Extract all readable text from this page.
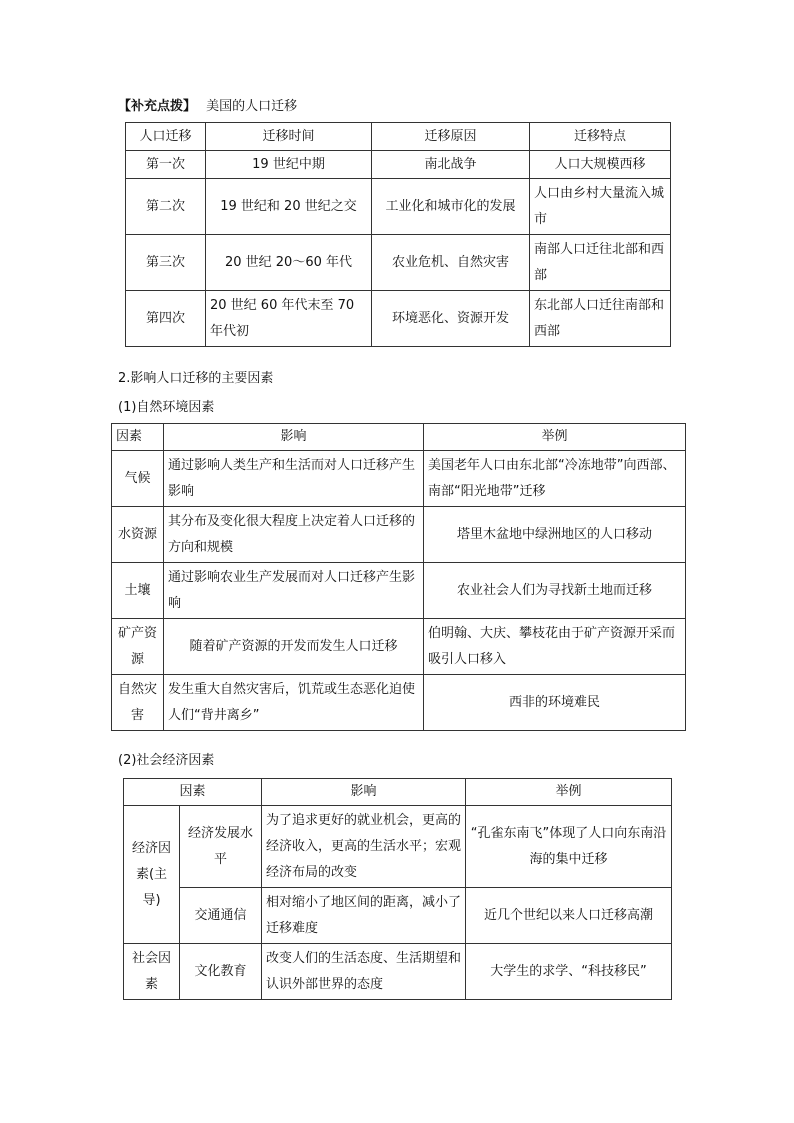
【补充点拨】 美国的人口迁移
人口迁移	迁移时间	迁移原因	迁移特点
第一次	19 世纪中期	南北战争	人口大规模西移
第二次	19 世纪和 20 世纪之交	工业化和城市化的发展	人口由乡村大量流入城市
第三次	20 世纪 20～60 年代	农业危机、自然灾害	南部人口迁往北部和西部
第四次	20 世纪 60 年代末至 70 年代初	环境恶化、资源开发	东北部人口迁往南部和西部
2.影响人口迁移的主要因素
(1)自然环境因素
因素	影响	举例
气候	通过影响人类生产和生活而对人口迁移产生影响	美国老年人口由东北部“冷冻地带”向西部、南部“阳光地带”迁移
水资源	其分布及变化很大程度上决定着人口迁移的方向和规模	塔里木盆地中绿洲地区的人口移动
土壤	通过影响农业生产发展而对人口迁移产生影响	农业社会人们为寻找新土地而迁移
矿产资源	随着矿产资源的开发而发生人口迁移	伯明翰、大庆、攀枝花由于矿产资源开采而吸引人口移入
自然灾害	发生重大自然灾害后，饥荒或生态恶化迫使人们“背井离乡”	西非的环境难民
(2)社会经济因素
因素		影响	举例
经济因素(主导)	经济发展水平	为了追求更好的就业机会，更高的经济收入，更高的生活水平；宏观经济布局的改变	“孔雀东南飞”体现了人口向东南沿海的集中迁移
	交通通信	相对缩小了地区间的距离，减小了迁移难度	近几个世纪以来人口迁移高潮
社会因素	文化教育	改变人们的生活态度、生活期望和认识外部世界的态度	大学生的求学、“科技移民”
